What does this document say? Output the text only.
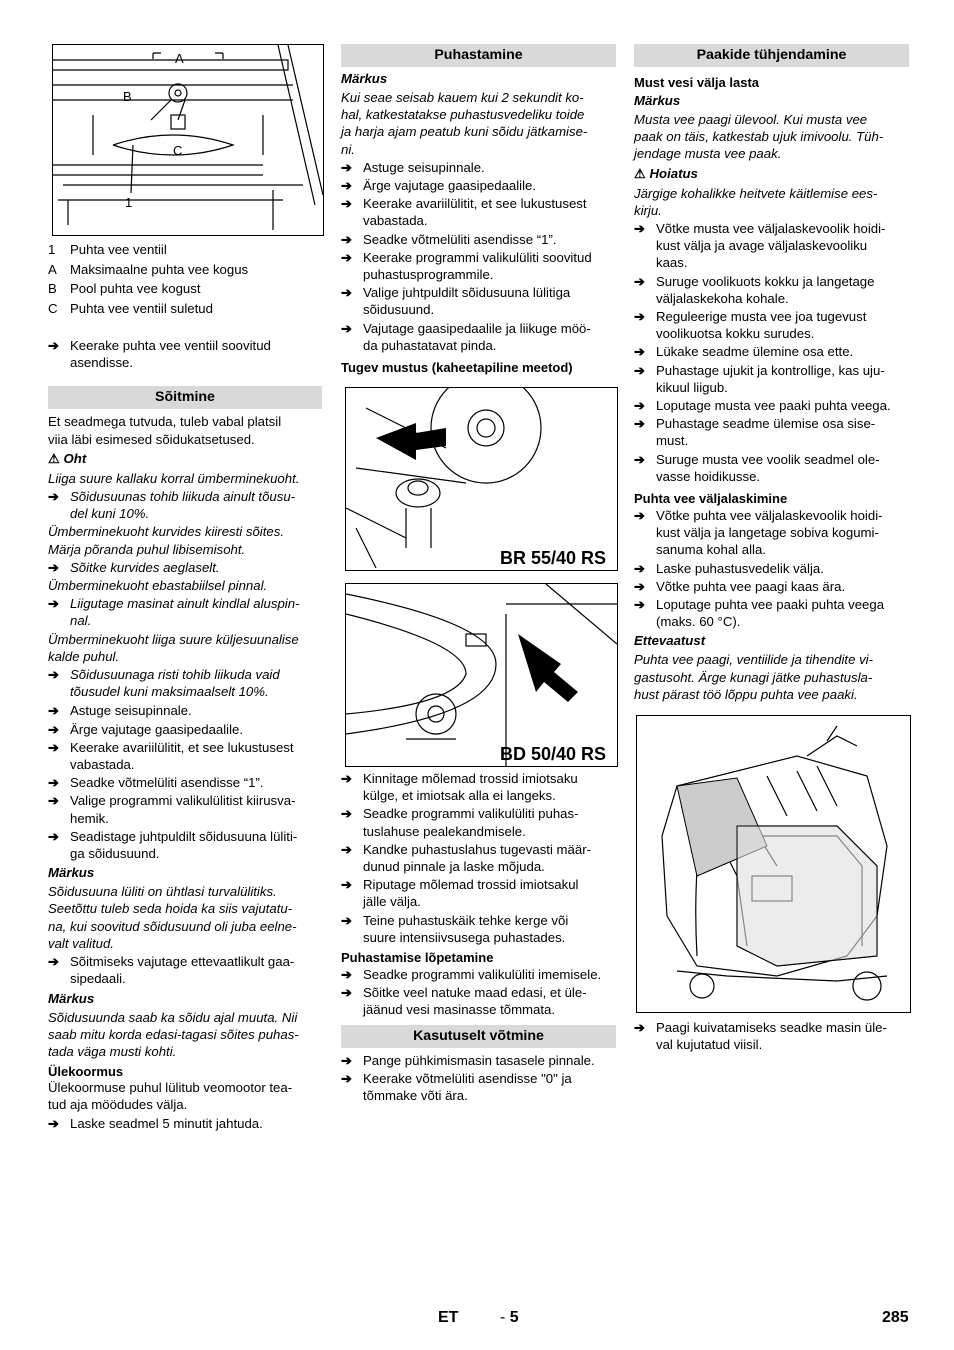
A
B
C
1
1	Puhta vee ventiil
A	Maksimaalne puhta vee kogus
B	Pool puhta vee kogust
C Puhta vee ventiil suletud
➔ Keerake puhta vee ventiil soovitud
asendisse.
Sõitmine

Et seadmega tutvuda, tuleb vabal platsil
viia läbi esimesed sõidukatsetused.

⚠ Oht

Liiga suure kallaku korral ümberminekuoht.

➔ Sõidusuunas tohib liikuda ainult tõusu-
del kuni 10%.

Ümberminekuoht kurvides kiiresti sõites.
Märja põranda puhul libisemisoht.

➔ Sõitke kurvides aeglaselt.

Ümberminekuoht ebastabiilsel pinnal.

➔ Liigutage masinat ainult kindlal aluspin-
nal.

Ümberminekuoht liiga suure küljesuunalise
kalde puhul.

➔ Sõidusuunaga risti tohib liikuda vaid
tõusudel kuni maksimaalselt 10%.
➔ Astuge seisupinnale.
➔ Ärge vajutage gaasipedaalile.
➔ Keerake avariilülitit, et see lukustusest
vabastada.
➔ Seadke võtmelüliti asendisse “1”.
➔ Valige programmi valikulülitist kiirusva-
hemik.
➔ Seadistage juhtpuldilt sõidusuuna lüliti-
ga sõidusuund.
Märkus

Sõidusuuna lüliti on ühtlasi turvalülitiks.
Seetõttu tuleb seda hoida ka siis vajutatu-
na, kui soovitud sõidusuund oli juba eelne-
valt valitud.

➔ Sõitmiseks vajutage ettevaatlikult gaa-
sipedaali.
Märkus

Sõidusuunda saab ka sõidu ajal muuta. Nii
saab mitu korda edasi-tagasi sõites puhas-
tada väga musti kohti.

Ülekoormus

Ülekoormuse puhul lülitub veomootor tea-
tud aja möödudes välja.

➔ Laske seadmel 5 minutit jahtuda.
Puhastamine
Märkus

Kui seae seisab kauem kui 2 sekundit ko-
hal, katkestatakse puhastusvedeliku toide
ja harja ajam peatub kuni sõidu jätkamise-
ni.

➔ Astuge seisupinnale.
➔ Ärge vajutage gaasipedaalile.
➔ Keerake avariilülitit, et see lukustusest
vabastada.
➔ Seadke võtmelüliti asendisse “1”.
➔ Keerake programmi valikulüliti soovitud
puhastusprogrammile.
➔ Valige juhtpuldilt sõidusuuna lülitiga
sõidusuund.
➔ Vajutage gaasipedaalile ja liikuge möö-
da puhastatavat pinda.
Tugev mustus (kaheetapiline meetod)
BR 55/40 RS
BD 50/40 RS
➔ Kinnitage mõlemad trossid imiotsaku
külge, et imiotsak alla ei langeks.
➔ Seadke programmi valikulüliti puhas-
tuslahuse pealekandmisele.
➔ Kandke puhastuslahus tugevasti määr-
dunud pinnale ja laske mõjuda.
➔ Riputage mõlemad trossid imiotsakul
jälle välja.
➔ Teine puhastuskäik tehke kerge või
suure intensiivsusega puhastades.
Puhastamise lõpetamine
➔ Seadke programmi valikulüliti imemisele.
➔ Sõitke veel natuke maad edasi, et üle-
jäänud vesi masinasse tõmmata.
Kasutuselt võtmine
➔ Pange pühkimismasin tasasele pinnale.
➔ Keerake võtmelüliti asendisse "0" ja
tõmmake võti ära.
Paakide tühjendamine
Must vesi välja lasta
Märkus

Musta vee paagi ülevool. Kui musta vee
paak on täis, katkestab ujuk imivoolu. Tüh-
jendage musta vee paak.

⚠ Hoiatus

Järgige kohalikke heitvete käitlemise ees-
kirju.

➔ Võtke musta vee väljalaskevoolik hoidi-
kust välja ja avage väljalaskevooliku
kaas.
➔ Suruge voolikuots kokku ja langetage
väljalaskekoha kohale.
➔ Reguleerige musta vee joa tugevust
voolikuotsa kokku surudes.
➔ Lükake seadme ülemine osa ette.
➔ Puhastage ujukit ja kontrollige, kas uju-
kikuul liigub.
➔ Loputage musta vee paaki puhta veega.
➔ Puhastage seadme ülemise osa sise-
must.
➔ Suruge musta vee voolik seadmel ole-
vasse hoidikusse.
Puhta vee väljalaskimine
➔ Võtke puhta vee väljalaskevoolik hoidi-
kust välja ja langetage sobiva kogumi-
sanuma kohal alla.
➔ Laske puhastusvedelik välja.
➔ Võtke puhta vee paagi kaas ära.
➔ Loputage puhta vee paaki puhta veega
(maks. 60 °C).
Ettevaatust

Puhta vee paagi, ventiilide ja tihendite vi-
gastusoht. Ärge kunagi jätke puhastusla-
hust pärast töö lõppu puhta vee paaki.

➔ Paagi kuivatamiseks seadke masin üle-
val kujutatud viisil.
ET	- 5	285
